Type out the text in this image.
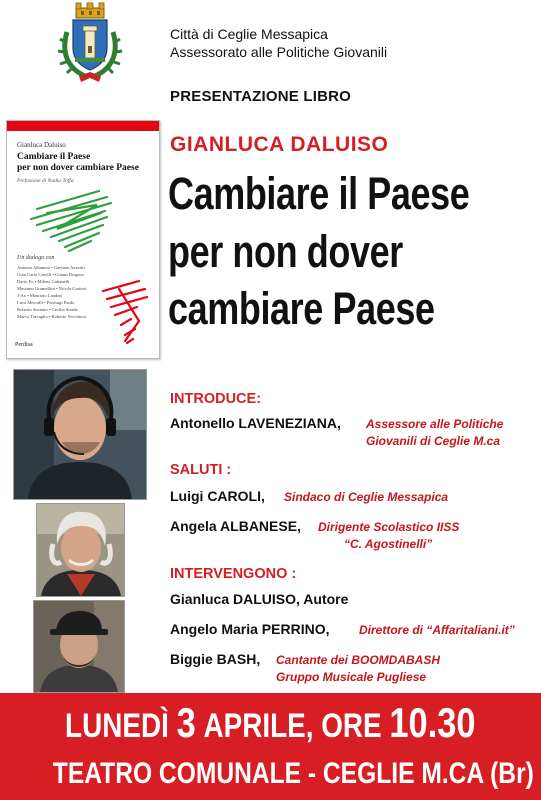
Città di Ceglie Messapica
Assessorato alle Politiche Giovanili
PRESENTAZIONE LIBRO
Gianluca Daluiso
Cambiare il Paese
per non dover cambiare Paese
Prefazione di Nadia Toffa
Un dialogo con
Antonio Albanese • Gaetano Azzariti
Gian Carlo Caselli • Gianni Dragoni
Dario Fo • Milena Gabanelli
Massimo Gramellini • Nicola Gratteri
J-Ax • Maurizio Landini
Luca Mercalli • Pierluigi Pardo
Roberto Saviano • Cecilia Strada
Marco Travaglio • Roberto Vecchioni
Perdisa
GIANLUCA DALUISO
Cambiare il Paese
per non dover
cambiare Paese
INTRODUCE:
Antonello LAVENEZIANA, Assessore alle Politiche
Giovanili di Ceglie M.ca
SALUTI :
Luigi CAROLI, Sindaco di Ceglie Messapica
Angela ALBANESE, Dirigente Scolastico IISS
“C. Agostinelli”
INTERVENGONO :
Gianluca DALUISO, Autore
Angelo Maria PERRINO, Direttore di “Affaritaliani.it”
Biggie BASH, Cantante dei BOOMDABASH
Gruppo Musicale Pugliese
LUNEDÌ 3 APRILE, ORE 10.30
TEATRO COMUNALE - CEGLIE M.CA (Br)
